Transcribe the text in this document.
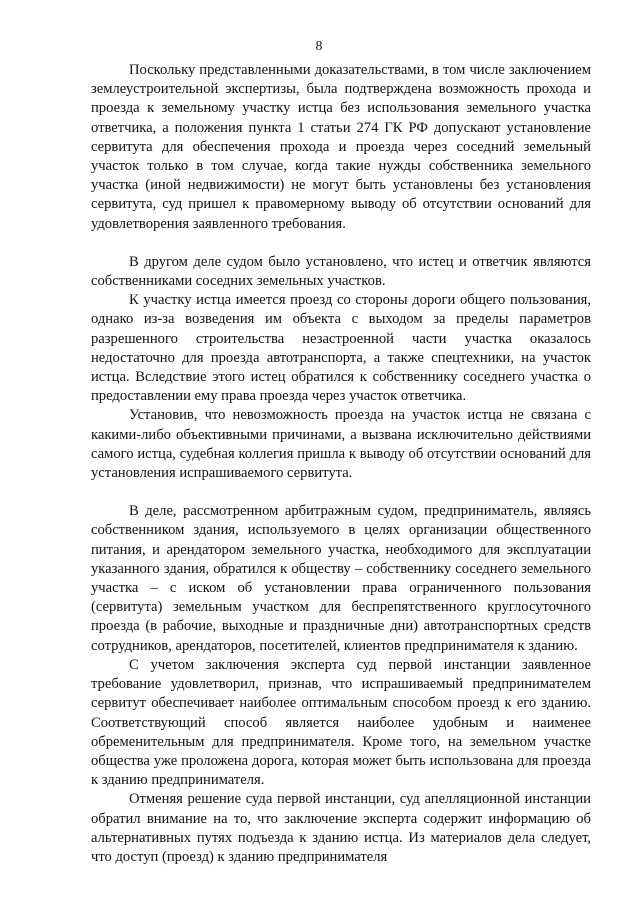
8

Поскольку представленными доказательствами, в том числе заключением землеустроительной экспертизы, была подтверждена возможность прохода и проезда к земельному участку истца без использования земельного участка ответчика, а положения пункта 1 статьи 274 ГК РФ допускают установление сервитута для обеспечения прохода и проезда через соседний земельный участок только в том случае, когда такие нужды собственника земельного участка (иной недвижимости) не могут быть установлены без установления сервитута, суд пришел к правомерному выводу об отсутствии оснований для удовлетворения заявленного требования.

В другом деле судом было установлено, что истец и ответчик являются собственниками соседних земельных участков.

К участку истца имеется проезд со стороны дороги общего пользования, однако из-за возведения им объекта с выходом за пределы параметров разрешенного строительства незастроенной части участка оказалось недостаточно для проезда автотранспорта, а также спецтехники, на участок истца. Вследствие этого истец обратился к собственнику соседнего участка о предоставлении ему права проезда через участок ответчика.

Установив, что невозможность проезда на участок истца не связана с какими-либо объективными причинами, а вызвана исключительно действиями самого истца, судебная коллегия пришла к выводу об отсутствии оснований для установления испрашиваемого сервитута.

В деле, рассмотренном арбитражным судом, предприниматель, являясь собственником здания, используемого в целях организации общественного питания, и арендатором земельного участка, необходимого для эксплуатации указанного здания, обратился к обществу – собственнику соседнего земельного участка – с иском об установлении права ограниченного пользования (сервитута) земельным участком для беспрепятственного круглосуточного проезда (в рабочие, выходные и праздничные дни) автотранспортных средств сотрудников, арендаторов, посетителей, клиентов предпринимателя к зданию.

С учетом заключения эксперта суд первой инстанции заявленное требование удовлетворил, признав, что испрашиваемый предпринимателем сервитут обеспечивает наиболее оптимальным способом проезд к его зданию. Соответствующий способ является наиболее удобным и наименее обременительным для предпринимателя. Кроме того, на земельном участке общества уже проложена дорога, которая может быть использована для проезда к зданию предпринимателя.

Отменяя решение суда первой инстанции, суд апелляционной инстанции обратил внимание на то, что заключение эксперта содержит информацию об альтернативных путях подъезда к зданию истца. Из материалов дела следует, что доступ (проезд) к зданию предпринимателя
